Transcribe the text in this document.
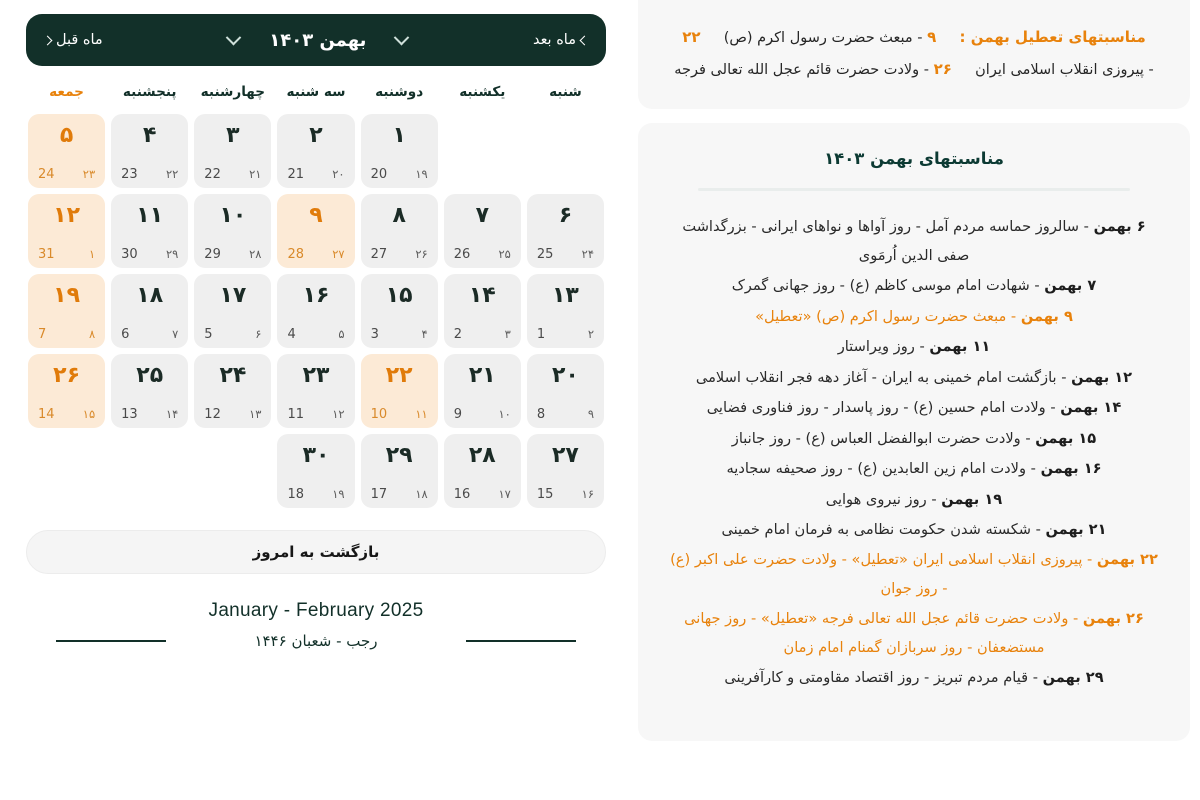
ماه بعد
بهمن ۱۴۰۳
ماه قبل
شنبه
یکشنبه
دوشنبه
سه شنبه
چهارشنبه
پنجشنبه
جمعه
۱
۱۹
20
۲
۲۰
21
۳
۲۱
22
۴
۲۲
23
۵
۲۳
24
۶
۲۴
25
۷
۲۵
26
۸
۲۶
27
۹
۲۷
28
۱۰
۲۸
29
۱۱
۲۹
30
۱۲
۱
31
۱۳
۲
1
۱۴
۳
2
۱۵
۴
3
۱۶
۵
4
۱۷
۶
5
۱۸
۷
6
۱۹
۸
7
۲۰
۹
8
۲۱
۱۰
9
۲۲
۱۱
10
۲۳
۱۲
11
۲۴
۱۳
12
۲۵
۱۴
13
۲۶
۱۵
14
۲۷
۱۶
15
۲۸
۱۷
16
۲۹
۱۸
17
۳۰
۱۹
18
بازگشت به امروز
January - February 2025
رجب - شعبان ۱۴۴۶
مناسبتهای تعطیل بهمن :  ۹ - مبعث حضرت رسول اکرم (ص)  ۲۲
- پیروزی انقلاب اسلامی ایران  ۲۶ - ولادت حضرت قائم عجل الله تعالی فرجه
مناسبتهای بهمن ۱۴۰۳
۶ بهمن - سالروز حماسه مردم آمل - روز آواها و نواهای ایرانی - بزرگداشت صفی الدین اُرمَوی
۷ بهمن - شهادت امام موسی کاظم (ع) - روز جهانی گمرک
۹ بهمن - مبعث حضرت رسول اکرم (ص) «تعطیل»
۱۱ بهمن - روز ویراستار
۱۲ بهمن - بازگشت امام خمینی به ایران - آغاز دهه فجر انقلاب اسلامی
۱۴ بهمن - ولادت امام حسین (ع) - روز پاسدار - روز فناوری فضایی
۱۵ بهمن - ولادت حضرت ابوالفضل العباس (ع) - روز جانباز
۱۶ بهمن - ولادت امام زین العابدین (ع) - روز صحیفه سجادیه
۱۹ بهمن - روز نیروی هوایی
۲۱ بهمن - شکسته شدن حکومت نظامی به فرمان امام خمینی
۲۲ بهمن - پیروزی انقلاب اسلامی ایران «تعطیل» - ولادت حضرت علی اکبر (ع) - روز جوان
۲۶ بهمن - ولادت حضرت قائم عجل الله تعالی فرجه «تعطیل» - روز جهانی مستضعفان - روز سربازان گمنام امام زمان
۲۹ بهمن - قیام مردم تبریز - روز اقتصاد مقاومتی و کارآفرینی
